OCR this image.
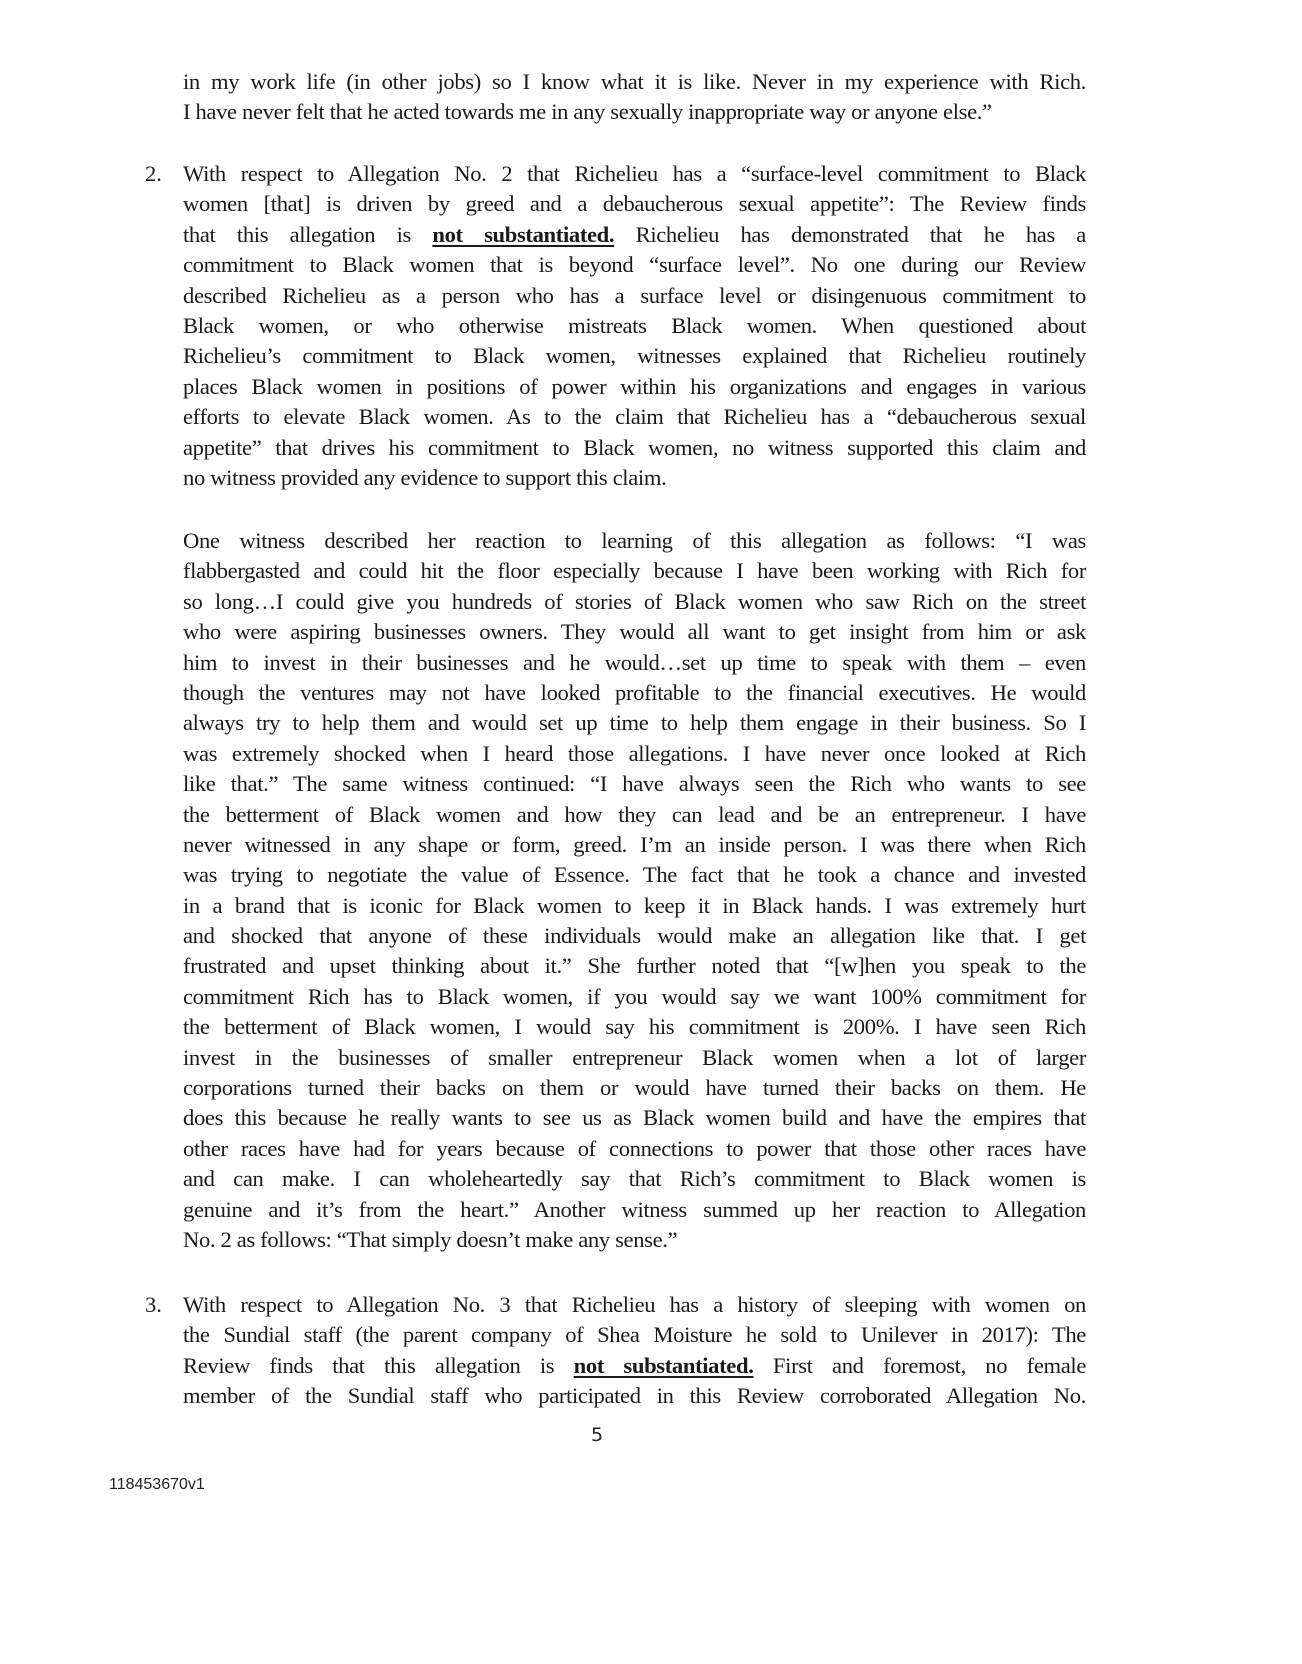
in my work life (in other jobs) so I know what it is like. Never in my experience with Rich.
I have never felt that he acted towards me in any sexually inappropriate way or anyone else.”
2. With respect to Allegation No. 2 that Richelieu has a “surface-level commitment to Black
women [that] is driven by greed and a debaucherous sexual appetite”: The Review finds
that this allegation is not substantiated. Richelieu has demonstrated that he has a
commitment to Black women that is beyond “surface level”. No one during our Review
described Richelieu as a person who has a surface level or disingenuous commitment to
Black women, or who otherwise mistreats Black women. When questioned about
Richelieu’s commitment to Black women, witnesses explained that Richelieu routinely
places Black women in positions of power within his organizations and engages in various
efforts to elevate Black women. As to the claim that Richelieu has a “debaucherous sexual
appetite” that drives his commitment to Black women, no witness supported this claim and
no witness provided any evidence to support this claim.
One witness described her reaction to learning of this allegation as follows: “I was
flabbergasted and could hit the floor especially because I have been working with Rich for
so long…I could give you hundreds of stories of Black women who saw Rich on the street
who were aspiring businesses owners. They would all want to get insight from him or ask
him to invest in their businesses and he would…set up time to speak with them – even
though the ventures may not have looked profitable to the financial executives. He would
always try to help them and would set up time to help them engage in their business. So I
was extremely shocked when I heard those allegations. I have never once looked at Rich
like that.” The same witness continued: “I have always seen the Rich who wants to see
the betterment of Black women and how they can lead and be an entrepreneur. I have
never witnessed in any shape or form, greed. I’m an inside person. I was there when Rich
was trying to negotiate the value of Essence. The fact that he took a chance and invested
in a brand that is iconic for Black women to keep it in Black hands. I was extremely hurt
and shocked that anyone of these individuals would make an allegation like that. I get
frustrated and upset thinking about it.” She further noted that “[w]hen you speak to the
commitment Rich has to Black women, if you would say we want 100% commitment for
the betterment of Black women, I would say his commitment is 200%. I have seen Rich
invest in the businesses of smaller entrepreneur Black women when a lot of larger
corporations turned their backs on them or would have turned their backs on them. He
does this because he really wants to see us as Black women build and have the empires that
other races have had for years because of connections to power that those other races have
and can make. I can wholeheartedly say that Rich’s commitment to Black women is
genuine and it’s from the heart.” Another witness summed up her reaction to Allegation
No. 2 as follows: “That simply doesn’t make any sense.”
3. With respect to Allegation No. 3 that Richelieu has a history of sleeping with women on
the Sundial staff (the parent company of Shea Moisture he sold to Unilever in 2017): The
Review finds that this allegation is not substantiated. First and foremost, no female
member of the Sundial staff who participated in this Review corroborated Allegation No.
5
118453670v1
